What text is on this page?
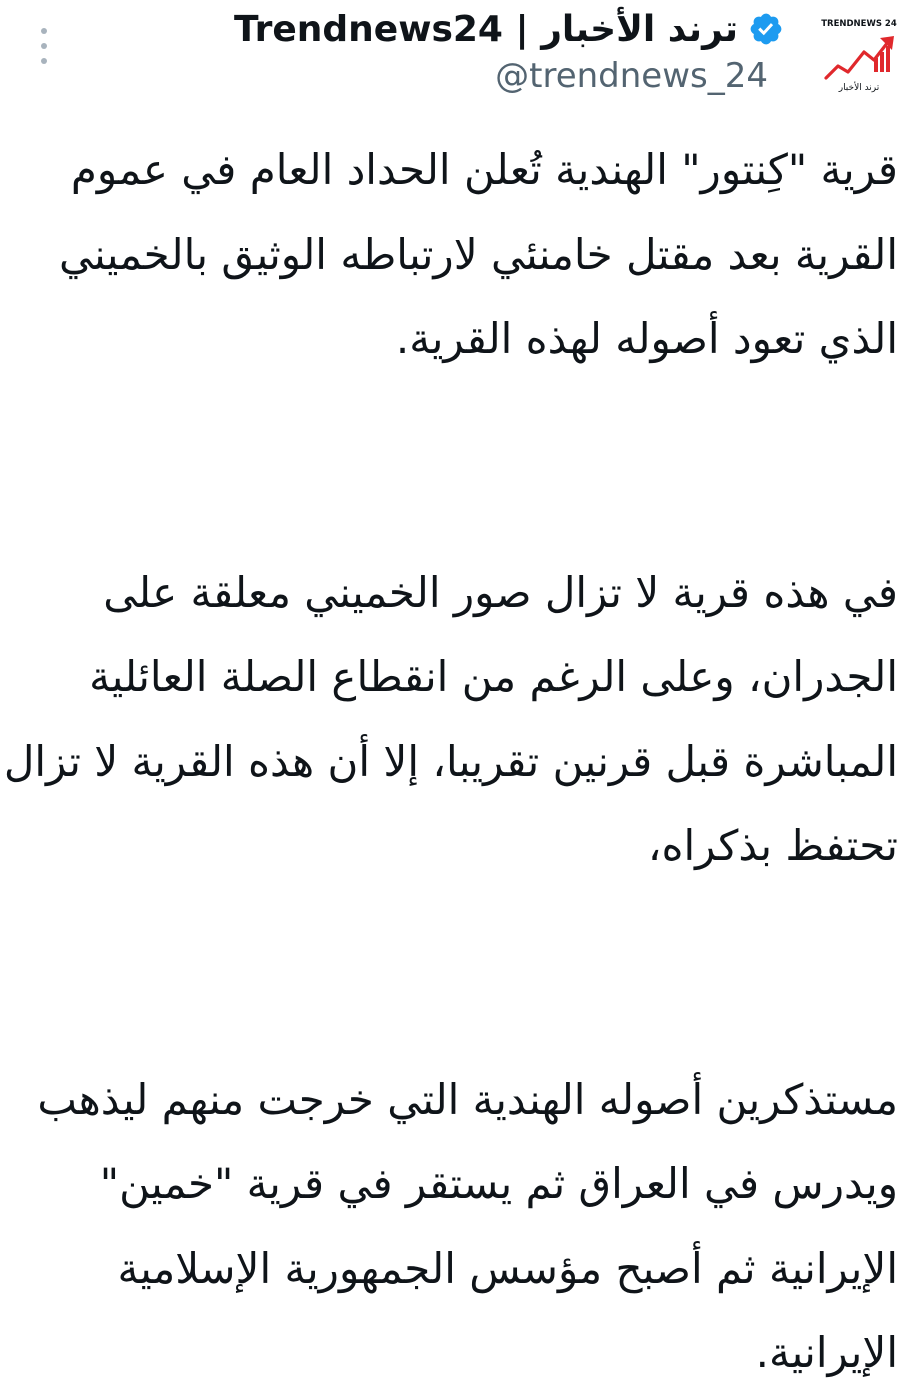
ترند الأخبار | Trendnews24
@trendnews_24
TRENDNEWS 24
ترند الأخبار

قرية "كِنتور" الهندية تُعلن الحداد العام في عموم
القرية بعد مقتل خامنئي لارتباطه الوثيق بالخميني
الذي تعود أصوله لهذه القرية.

في هذه قرية لا تزال صور الخميني معلقة على
الجدران، وعلى الرغم من انقطاع الصلة العائلية
المباشرة قبل قرنين تقريبا، إلا أن هذه القرية لا تزال
تحتفظ بذكراه،

مستذكرين أصوله الهندية التي خرجت منهم ليذهب
ويدرس في العراق ثم يستقر في قرية "خمين"
الإيرانية ثم أصبح مؤسس الجمهورية الإسلامية
الإيرانية.
